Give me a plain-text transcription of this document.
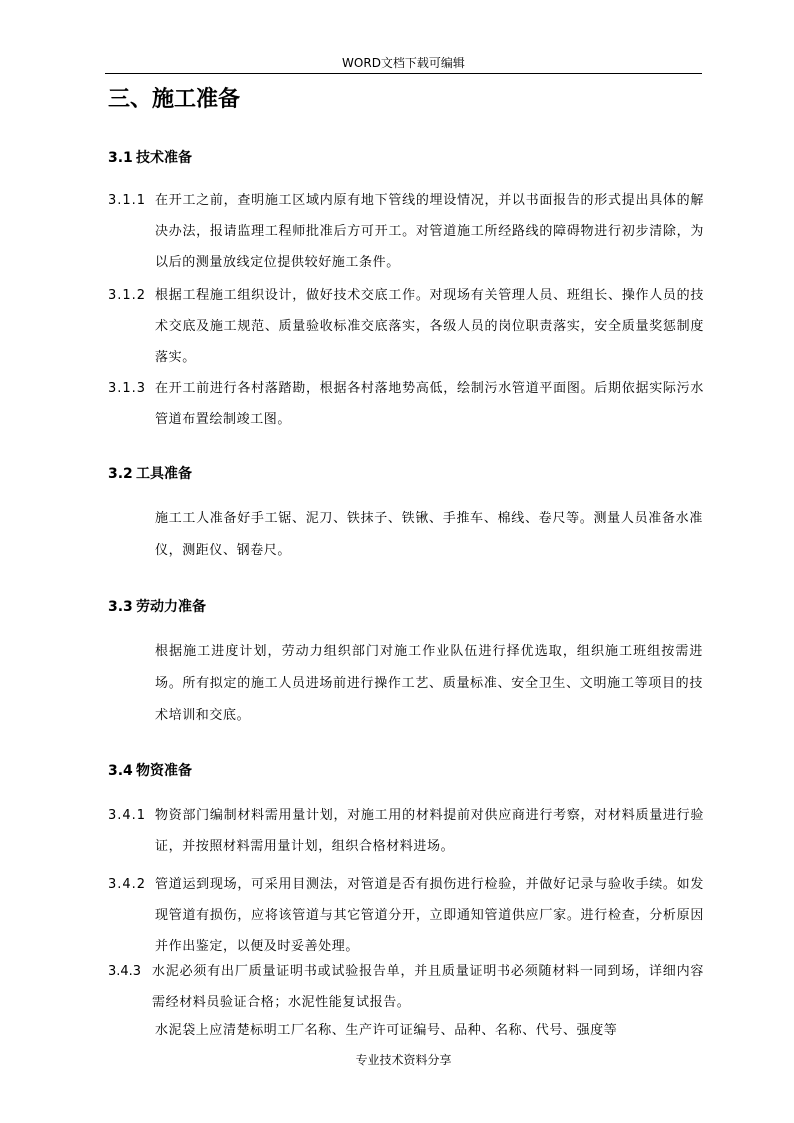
WORD文档下载可编辑
三、施工准备
3.1 技术准备
3.1.1 在开工之前，查明施工区域内原有地下管线的埋设情况，并以书面报告的形式提出具体的解决办法，报请监理工程师批准后方可开工。对管道施工所经路线的障碍物进行初步清除，为以后的测量放线定位提供较好施工条件。
3.1.2 根据工程施工组织设计，做好技术交底工作。对现场有关管理人员、班组长、操作人员的技术交底及施工规范、质量验收标准交底落实，各级人员的岗位职责落实，安全质量奖惩制度落实。
3.1.3 在开工前进行各村落踏勘，根据各村落地势高低，绘制污水管道平面图。后期依据实际污水管道布置绘制竣工图。
3.2 工具准备
施工工人准备好手工锯、泥刀、铁抹子、铁锹、手推车、棉线、卷尺等。测量人员准备水准仪，测距仪、钢卷尺。
3.3 劳动力准备
根据施工进度计划，劳动力组织部门对施工作业队伍进行择优选取，组织施工班组按需进场。所有拟定的施工人员进场前进行操作工艺、质量标准、安全卫生、文明施工等项目的技术培训和交底。
3.4 物资准备
3.4.1 物资部门编制材料需用量计划，对施工用的材料提前对供应商进行考察，对材料质量进行验证，并按照材料需用量计划，组织合格材料进场。
3.4.2 管道运到现场，可采用目测法，对管道是否有损伤进行检验，并做好记录与验收手续。如发现管道有损伤，应将该管道与其它管道分开，立即通知管道供应厂家。进行检查，分析原因并作出鉴定，以便及时妥善处理。
3.4.3 水泥必须有出厂质量证明书或试验报告单，并且质量证明书必须随材料一同到场，详细内容需经材料员验证合格；水泥性能复试报告。
水泥袋上应清楚标明工厂名称、生产许可证编号、品种、名称、代号、强度等
专业技术资料分享
